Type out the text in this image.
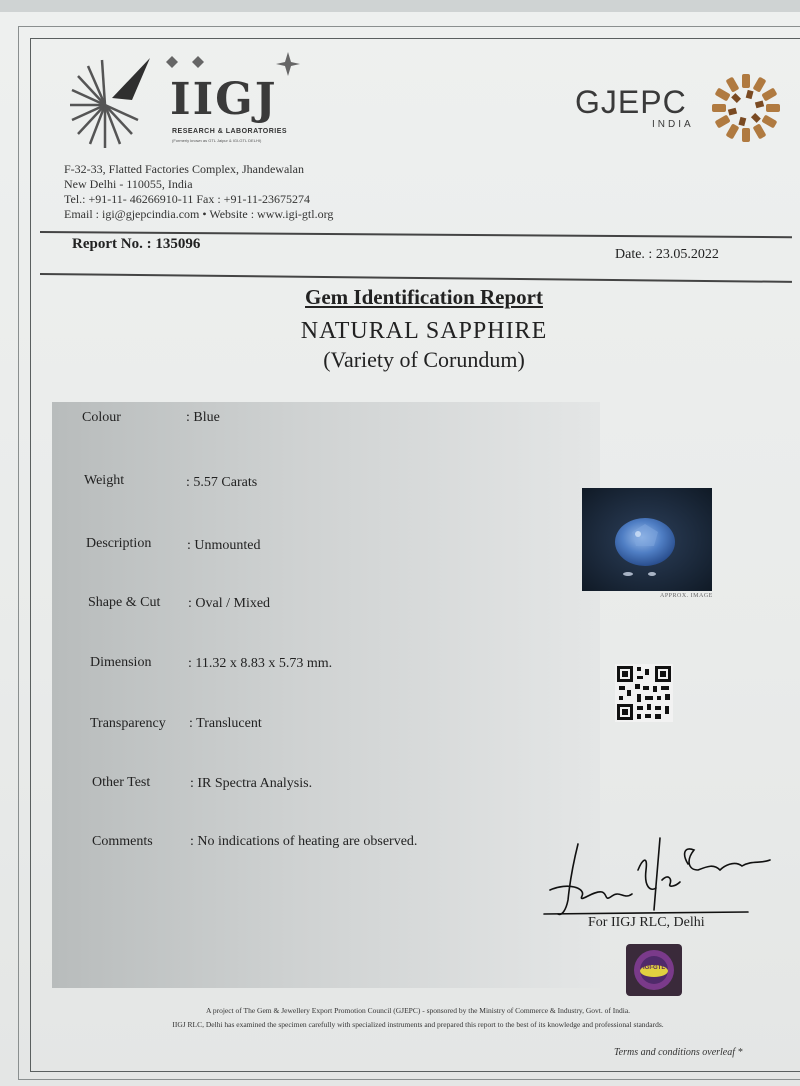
IIGJ
RESEARCH & LABORATORIES
(Formerly known as GTL Jaipur & IGI-GTL DELHI)
GJEPC
INDIA
F-32-33, Flatted Factories Complex, Jhandewalan
New Delhi - 110055, India
Tel.: +91-11- 46266910-11 Fax : +91-11-23675274
Email : igi@gjepcindia.com • Website : www.igi-gtl.org
Report No. : 135096
Date. : 23.05.2022
Gem Identification Report
NATURAL SAPPHIRE
(Variety of Corundum)
Colour	: Blue
Weight	: 5.57 Carats
Description	: Unmounted
Shape & Cut : Oval / Mixed
Dimension	: 11.32 x 8.83 x 5.73 mm.
Transparency : Translucent
Other Test	: IR Spectra Analysis.
Comments	: No indications of heating are observed.
APPROX. IMAGE
For IIGJ RLC, Delhi
IGI-GTL
A project of The Gem & Jewellery Export Promotion Council (GJEPC) - sponsored by the Ministry of Commerce & Industry, Govt. of India.
IIGJ RLC, Delhi has examined the specimen carefully with specialized instruments and prepared this report to the best of its knowledge and professional standards.
Terms and conditions overleaf *
